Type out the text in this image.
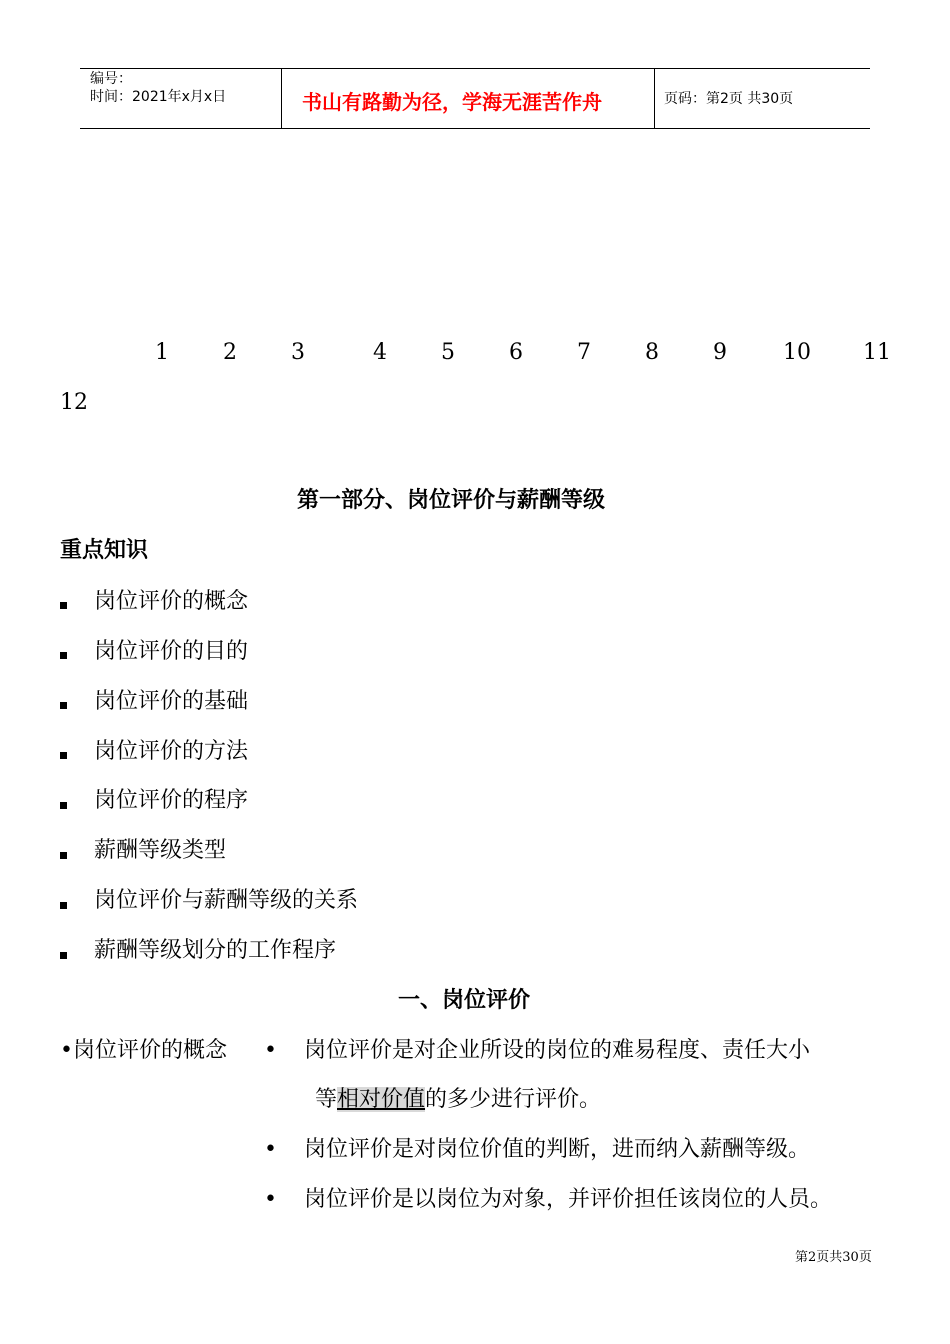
编号：
时间：2021年x月x日	书山有路勤为径，学海无涯苦作舟	页码：第2页 共30页
1 2 3	4 5 6 7 8 9	10 11
12
第一部分、岗位评价与薪酬等级
重点知识
岗位评价的概念
岗位评价的目的
岗位评价的基础
岗位评价的方法
岗位评价的程序
薪酬等级类型
岗位评价与薪酬等级的关系
薪酬等级划分的工作程序
一、岗位评价
•岗位评价的概念 • 岗位评价是对企业所设的岗位的难易程度、责任大小
等相对价值的多少进行评价。
• 岗位评价是对岗位价值的判断，进而纳入薪酬等级。
• 岗位评价是以岗位为对象，并评价担任该岗位的人员。
第2页共30页
